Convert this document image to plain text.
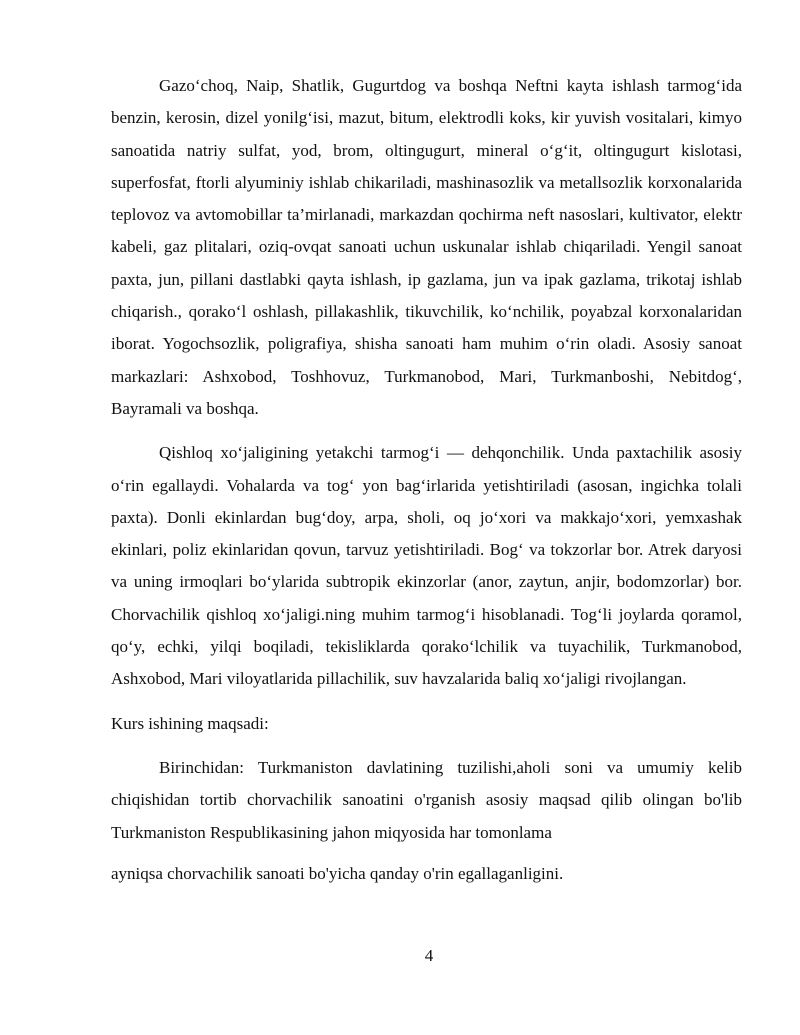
Gazo‘choq, Naip, Shatlik, Gugurtdog va boshqa Neftni kayta ishlash tarmog‘ida benzin, kerosin, dizel yonilg‘isi, mazut, bitum, elektrodli koks, kir yuvish vositalari, kimyo sanoatida natriy sulfat, yod, brom, oltingugurt, mineral o‘g‘it, oltingugurt kislotasi, superfosfat, ftorli alyuminiy ishlab chikariladi, mashinasozlik va metallsozlik korxonalarida teplovoz va avtomobillar ta’mirlanadi, markazdan qochirma neft nasoslari, kultivator, elektr kabeli, gaz plitalari, oziq-ovqat sanoati uchun uskunalar ishlab chiqariladi. Yengil sanoat paxta, jun, pillani dastlabki qayta ishlash, ip gazlama, jun va ipak gazlama, trikotaj ishlab chiqarish., qorako‘l oshlash, pillakashlik, tikuvchilik, ko‘nchilik, poyabzal korxonalaridan iborat. Yogochsozlik, poligrafiya, shisha sanoati ham muhim o‘rin oladi. Asosiy sanoat markazlari: Ashxobod, Toshhovuz, Turkmanobod, Mari, Turkmanboshi, Nebitdog‘, Bayramali va boshqa.

Qishloq xo‘jaligining yetakchi tarmog‘i — dehqonchilik. Unda paxtachilik asosiy o‘rin egallaydi. Vohalarda va tog‘ yon bag‘irlarida yetishtiriladi (asosan, ingichka tolali paxta). Donli ekinlardan bug‘doy, arpa, sholi, oq jo‘xori va makkajo‘xori, yemxashak ekinlari, poliz ekinlaridan qovun, tarvuz yetishtiriladi. Bog‘ va tokzorlar bor. Atrek daryosi va uning irmoqlari bo‘ylarida subtropik ekinzorlar (anor, zaytun, anjir, bodomzorlar) bor. Chorvachilik qishloq xo‘jaligi.ning muhim tarmog‘i hisoblanadi. Tog‘li joylarda qoramol, qo‘y, echki, yilqi boqiladi, tekisliklarda qorako‘lchilik va tuyachilik, Turkmanobod, Ashxobod, Mari viloyatlarida pillachilik, suv havzalarida baliq xo‘jaligi rivojlangan.

Kurs ishining maqsadi:

Birinchidan: Turkmaniston davlatining tuzilishi,aholi soni va umumiy kelib chiqishidan tortib chorvachilik sanoatini o'rganish asosiy maqsad qilib olingan bo'lib Turkmaniston Respublikasining jahon miqyosida har tomonlama

ayniqsa chorvachilik sanoati bo'yicha qanday o'rin egallaganligini.

4
